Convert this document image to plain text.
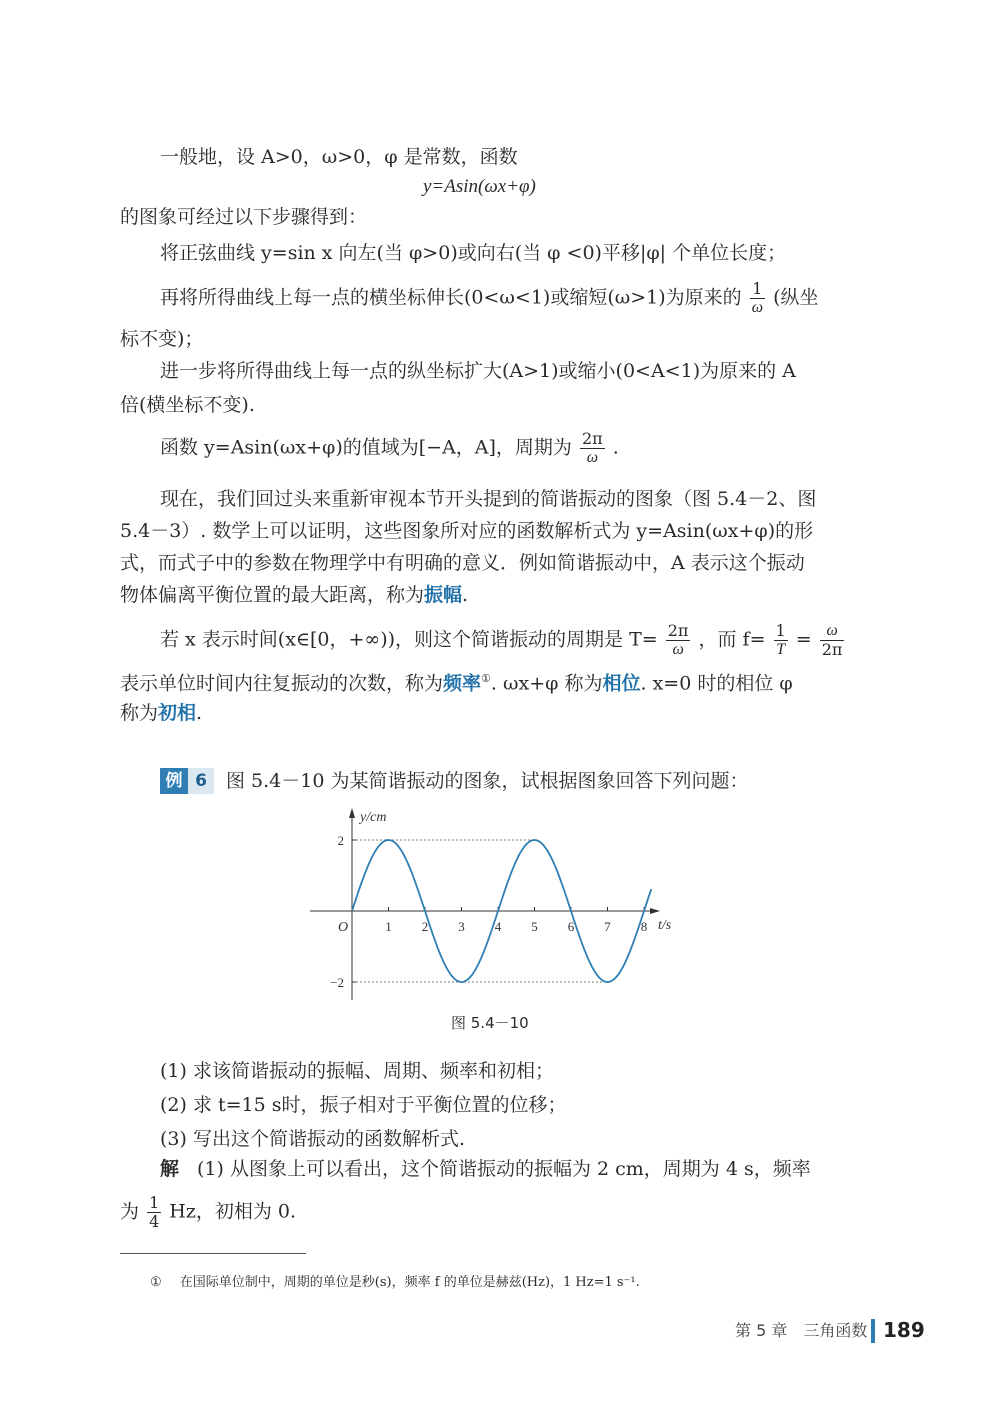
一般地，设 A>0，ω>0，φ 是常数，函数
y=Asin(ωx+φ)
的图象可经过以下步骤得到：
将正弦曲线 y=sin x 向左(当 φ>0)或向右(当 φ <0)平移|φ| 个单位长度；
再将所得曲线上每一点的横坐标伸长(0<ω<1)或缩短(ω>1)为原来的 $\frac{1}{\omega}$ (纵坐
标不变)；
进一步将所得曲线上每一点的纵坐标扩大(A>1)或缩小(0<A<1)为原来的 A
倍(横坐标不变).
函数 y=Asin(ωx+φ)的值域为[−A，A]，周期为 $\frac{2\pi}{\omega}$ .
现在，我们回过头来重新审视本节开头提到的简谐振动的图象（图 5.4－2、图
5.4－3）. 数学上可以证明，这些图象所对应的函数解析式为 y=Asin(ωx+φ)的形
式，而式子中的参数在物理学中有明确的意义．例如简谐振动中，A 表示这个振动
物体偏离平衡位置的最大距离，称为振幅.
若 x 表示时间(x∈[0，+∞))，则这个简谐振动的周期是 $T= \frac{2\pi}{\omega}$ ，而 $f= \frac{1}{T} = \frac{\omega}{2\pi}$
表示单位时间内往复振动的次数，称为频率①. ωx+φ 称为相位. x=0 时的相位 φ
称为初相.
例 6	图 5.4－10 为某简谐振动的图象，试根据图象回答下列问题：
1 2 3 4 5 6 7 8
2
−2
O	t/s
y/cm
图 5.4－10
(1) 求该简谐振动的振幅、周期、频率和初相；
(2) 求 t=15 s时，振子相对于平衡位置的位移；
(3) 写出这个简谐振动的函数解析式.
解 (1) 从图象上可以看出，这个简谐振动的振幅为 2 cm，周期为 4 s，频率
为 $\frac{1}{4}$ Hz，初相为 0.
① 在国际单位制中，周期的单位是秒(s)，频率 f 的单位是赫兹(Hz)，1 Hz=1 s⁻¹.
第 5 章　三角函数 189
